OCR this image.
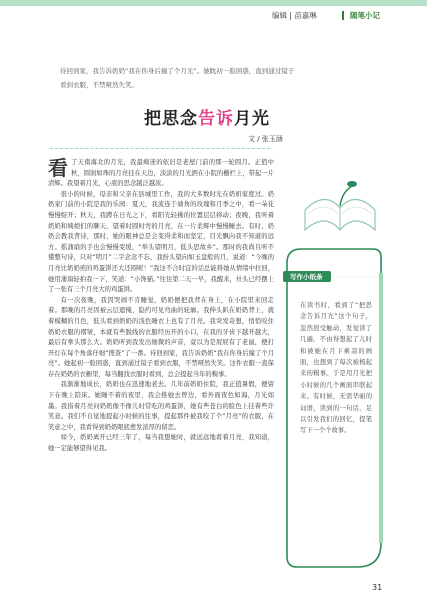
编辑 | 苗嘉琳	随笔小记
待回到家，我告诉奶奶“我在你身后撞了个月光”。她眈初一脸困惑，直到通过镜子看到衣服，不禁哑然失笑。
把思念告诉月光
文 / 张玉涵

看了天南海北的月光，我最痴迷的依旧是老屋门前的那一轮圆月。正值中秋，圆润如珠的月亮挂在天边，淡淡的月光洒在小院的栅栏上，带起一片清辉。我望着月光，心底的思念越泛越浓。

很小的时候，母亲和父亲在县城里工作，我的大多数时光在奶奶家度过。奶奶家门前的小院是我的乐园：夏天，我流连于墙角的玫瑰和月季之中，看一朵花慢慢绽开；秋天，我蹲在日光之下，看阳光轻拂的位置层层移动；夜晚，我听着奶奶和姨娘们的聊天，望着时圆时弯的月亮，在一片柔辉中慢慢睡去。有时，奶奶会教我背诗，那时，她的眼神总是会变得柔和而坚定，目光飘向我不知道的远方。摇蒲扇的手也会慢慢变缓，“举头望明月，低头思故乡”。那时的我尚且听不懂整句诗，只对“明月”二字念念不忘，我扮头望向如玉盘般的月，说道：“今晚的月亮比奶奶煎的鸡蛋饼还大还圆呢！”我这不合时宜的话总能将她从情绪中拉回，她用蒲扇轻拍我一下，笑道：“小馋猫。”往往第二天一早，我醒来，灶头已经摆上了一张有三个月亮大的鸡蛋饼。

有一次夜晚，我因哭闹不肯睡觉，奶奶便把我背在身上，在小院里来回走着。那晚的月亮因被云层遮掩，隐约可见弯曲的轮廓。我伸头趴在奶奶背上，就着模糊的月色，低头看到奶奶的浅色睡衣上也有了月亮。我突发奇想，悄悄咬住奶奶衣服的褶皱，本就有些脱线的衣服经历开的小口，在我的牙齿下越开越大，最后有拳头那么大。奶奶听到我发出细微的声音，竟以为是屁屁有了老鼠，便打开灯在每个角落仔细“搜查”了一番。待回到家，我告诉奶奶“我在你身后撞了个月亮”。她起初一脸困惑，直到通过镜子看到衣服，不禁哑然失笑。这件衣服一直保存在奶奶的衣橱里，每当翻找衣服时看到，总会提起当年的糗事。

我渐渐地成长，奶奶也在迅速地老去。几年前奶奶住院，我正值暑假，便留下在晚上陪床。她睡不着的夜里，我会推她去曾边，看外面夜色如海，月光如墨。我指着月亮问奶奶像不像儿时常吃的鸡蛋饼，她有些苍白的脸色上挂着些许笑意。我们不自觉地提起小时候的往事，提起那件被我咬了个“月亮”的衣服，在笑意之中，我看得到奶奶眼底愈发浓厚的留恋。

如今，奶奶离开已经三年了，每当我想她时，就远远地看着月亮，我知道，她一定能够望得见我。

写作小纸条	写作
在读书时，看到了“把思念告诉月光”这个句子，忽然很受触动，发觉读了几遍，不由得想起了儿时和被她在月下乘凉的画面，也想到了每次被梳起来的糗事。于是用月光把小时候的几个画面串联起来。有时候，无需华丽的词语，读到的一句话，足以引发我们的回忆，提笔写下一个个故事。
31
